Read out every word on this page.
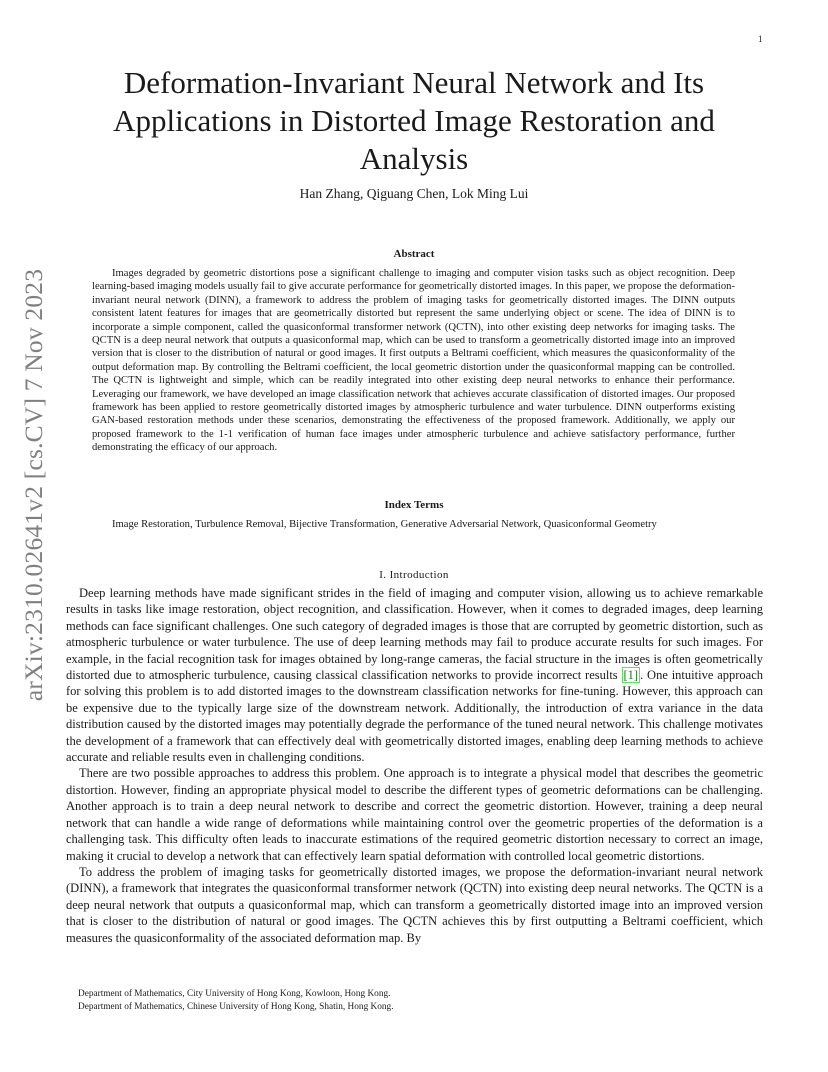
1
arXiv:2310.02641v2 [cs.CV] 7 Nov 2023
Deformation-Invariant Neural Network and Its Applications in Distorted Image Restoration and Analysis
Han Zhang, Qiguang Chen, Lok Ming Lui
Abstract

Images degraded by geometric distortions pose a significant challenge to imaging and computer vision tasks such as object recognition. Deep learning-based imaging models usually fail to give accurate performance for geometrically distorted images. In this paper, we propose the deformation-invariant neural network (DINN), a framework to address the problem of imaging tasks for geometrically distorted images. The DINN outputs consistent latent features for images that are geometrically distorted but represent the same underlying object or scene. The idea of DINN is to incorporate a simple component, called the quasiconformal transformer network (QCTN), into other existing deep networks for imaging tasks. The QCTN is a deep neural network that outputs a quasiconformal map, which can be used to transform a geometrically distorted image into an improved version that is closer to the distribution of natural or good images. It first outputs a Beltrami coefficient, which measures the quasiconformality of the output deformation map. By controlling the Beltrami coefficient, the local geometric distortion under the quasiconformal mapping can be controlled. The QCTN is lightweight and simple, which can be readily integrated into other existing deep neural networks to enhance their performance. Leveraging our framework, we have developed an image classification network that achieves accurate classification of distorted images. Our proposed framework has been applied to restore geometrically distorted images by atmospheric turbulence and water turbulence. DINN outperforms existing GAN-based restoration methods under these scenarios, demonstrating the effectiveness of the proposed framework. Additionally, we apply our proposed framework to the 1-1 verification of human face images under atmospheric turbulence and achieve satisfactory performance, further demonstrating the efficacy of our approach.

Index Terms

Image Restoration, Turbulence Removal, Bijective Transformation, Generative Adversarial Network, Quasiconformal Geometry

I. Introduction

Deep learning methods have made significant strides in the field of imaging and computer vision, allowing us to achieve remarkable results in tasks like image restoration, object recognition, and classification. However, when it comes to degraded images, deep learning methods can face significant challenges. One such category of degraded images is those that are corrupted by geometric distortion, such as atmospheric turbulence or water turbulence. The use of deep learning methods may fail to produce accurate results for such images. For example, in the facial recognition task for images obtained by long-range cameras, the facial structure in the images is often geometrically distorted due to atmospheric turbulence, causing classical classification networks to provide incorrect results [1] . One intuitive approach for solving this problem is to add distorted images to the downstream classification networks for fine-tuning. However, this approach can be expensive due to the typically large size of the downstream network. Additionally, the introduction of extra variance in the data distribution caused by the distorted images may potentially degrade the performance of the tuned neural network. This challenge motivates the development of a framework that can effectively deal with geometrically distorted images, enabling deep learning methods to achieve accurate and reliable results even in challenging conditions.

There are two possible approaches to address this problem. One approach is to integrate a physical model that describes the geometric distortion. However, finding an appropriate physical model to describe the different types of geometric deformations can be challenging. Another approach is to train a deep neural network to describe and correct the geometric distortion. However, training a deep neural network that can handle a wide range of deformations while maintaining control over the geometric properties of the deformation is a challenging task. This difficulty often leads to inaccurate estimations of the required geometric distortion necessary to correct an image, making it crucial to develop a network that can effectively learn spatial deformation with controlled local geometric distortions.

To address the problem of imaging tasks for geometrically distorted images, we propose the deformation-invariant neural network (DINN), a framework that integrates the quasiconformal transformer network (QCTN) into existing deep neural networks. The QCTN is a deep neural network that outputs a quasiconformal map, which can transform a geometrically distorted image into an improved version that is closer to the distribution of natural or good images. The QCTN achieves this by first outputting a Beltrami coefficient, which measures the quasiconformality of the associated deformation map. By

Department of Mathematics, City University of Hong Kong, Kowloon, Hong Kong.
Department of Mathematics, Chinese University of Hong Kong, Shatin, Hong Kong.
